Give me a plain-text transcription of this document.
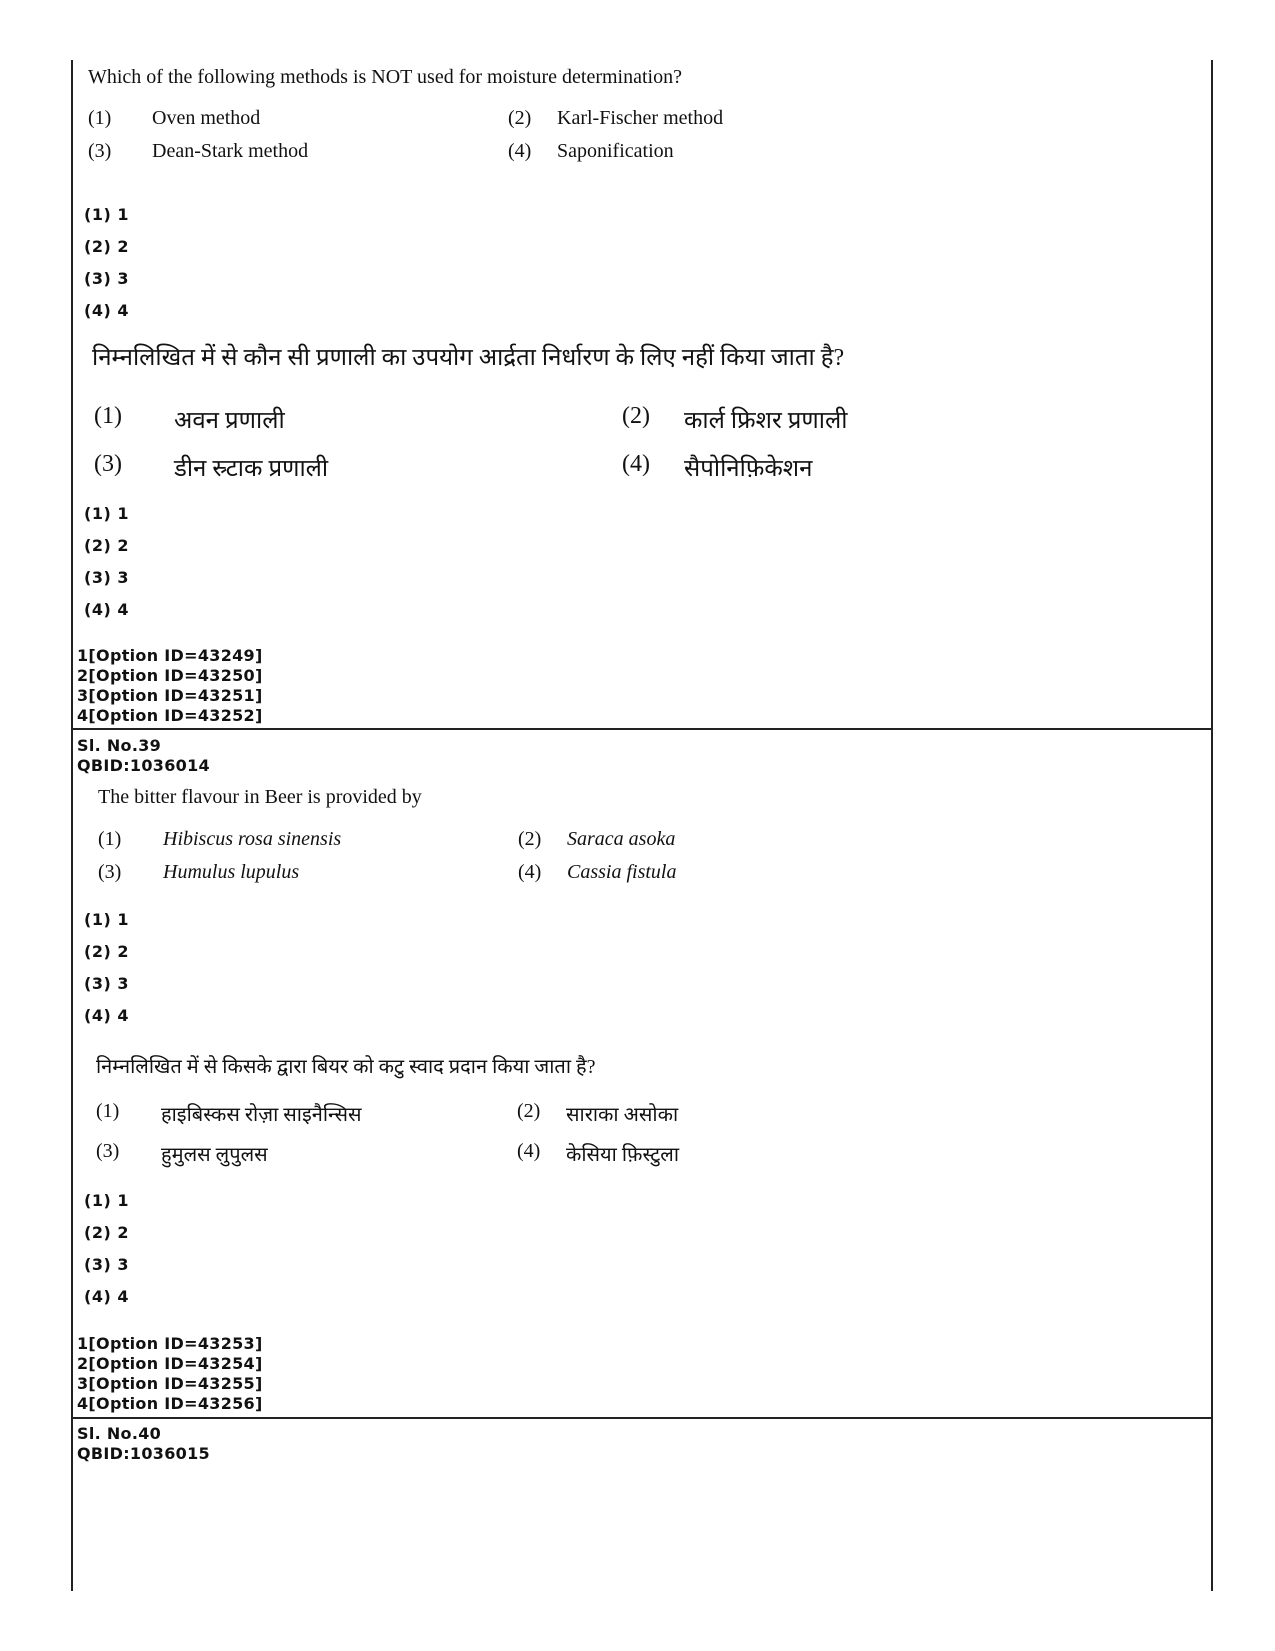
Which of the following methods is NOT used for moisture determination?
(1) Oven method	(2) Karl-Fischer method
(3) Dean-Stark method	(4) Saponification
(1) 1
(2) 2
(3) 3
(4) 4
निम्नलिखित में से कौन सी प्रणाली का उपयोग आर्द्रता निर्धारण के लिए नहीं किया जाता है?
(1) अवन प्रणाली	(2) कार्ल फ्रिशर प्रणाली
(3) डीन स्र्टाक प्रणाली	(4) सैपोनिफ़िकेशन
(1) 1
(2) 2
(3) 3
(4) 4
1[Option ID=43249]
2[Option ID=43250]
3[Option ID=43251]
4[Option ID=43252]
Sl. No.39
QBID:1036014
The bitter flavour in Beer is provided by
(1) Hibiscus rosa sinensis	(2) Saraca asoka
(3) Humulus lupulus	(4) Cassia fistula
(1) 1
(2) 2
(3) 3
(4) 4
निम्नलिखित में से किसके द्वारा बियर को कटु स्वाद प्रदान किया जाता है?
(1) हाइबिस्कस रोज़ा साइनैन्सिस	(2) साराका असोका
(3) हुमुलस लुपुलस	(4) केसिया फ़िस्टुला
(1) 1
(2) 2
(3) 3
(4) 4
1[Option ID=43253]
2[Option ID=43254]
3[Option ID=43255]
4[Option ID=43256]
Sl. No.40
QBID:1036015
